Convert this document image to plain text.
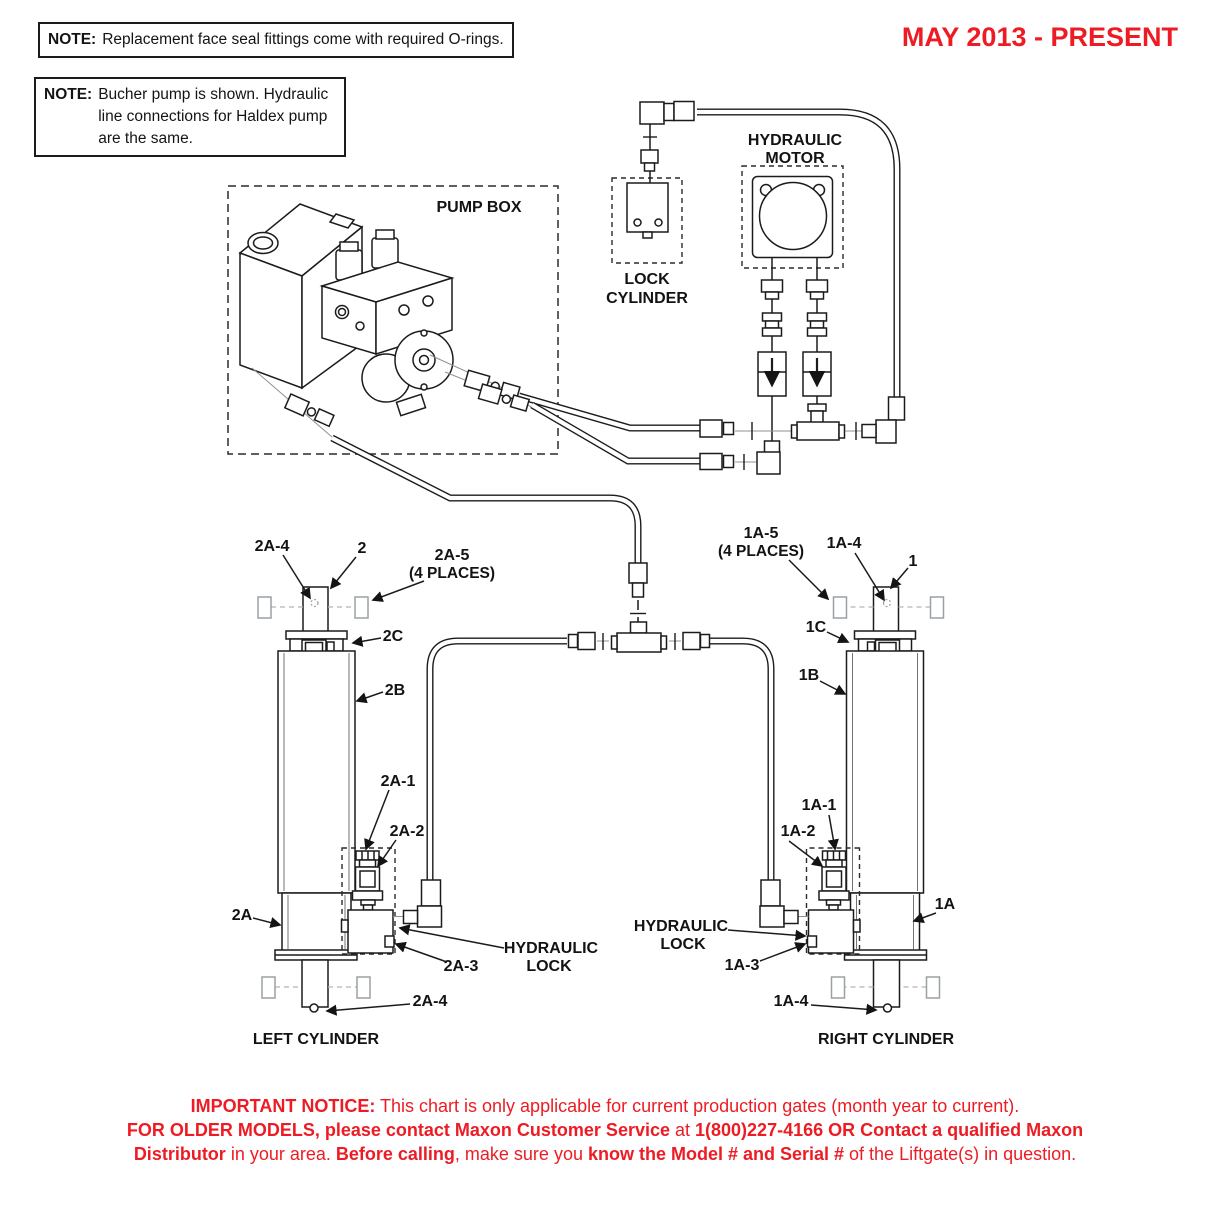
NOTE: Replacement face seal fittings come with required O-rings.
NOTE: Bucher pump is shown. Hydraulic line connections for Haldex pump are the same.
MAY 2013 - PRESENT
PUMP BOX
LOCK
CYLINDER
HYDRAULIC
MOTOR
2A-4	2	2A-5
(4 PLACES)
2C
2B
2A-1
2A-2
2A
HYDRAULIC
LOCK
2A-3
2A-4
LEFT CYLINDER
1A-5
(4 PLACES) 1A-4
1
1C
1B
1A-1
1A-2
HYDRAULIC
LOCK
1A-3
1A
1A-4
RIGHT CYLINDER
IMPORTANT NOTICE: This chart is only applicable for current production gates (month year to current).
FOR OLDER MODELS, please contact Maxon Customer Service at 1(800)227-4166 OR Contact a qualified Maxon
Distributor in your area. Before calling, make sure you know the Model # and Serial # of the Liftgate(s) in question.
